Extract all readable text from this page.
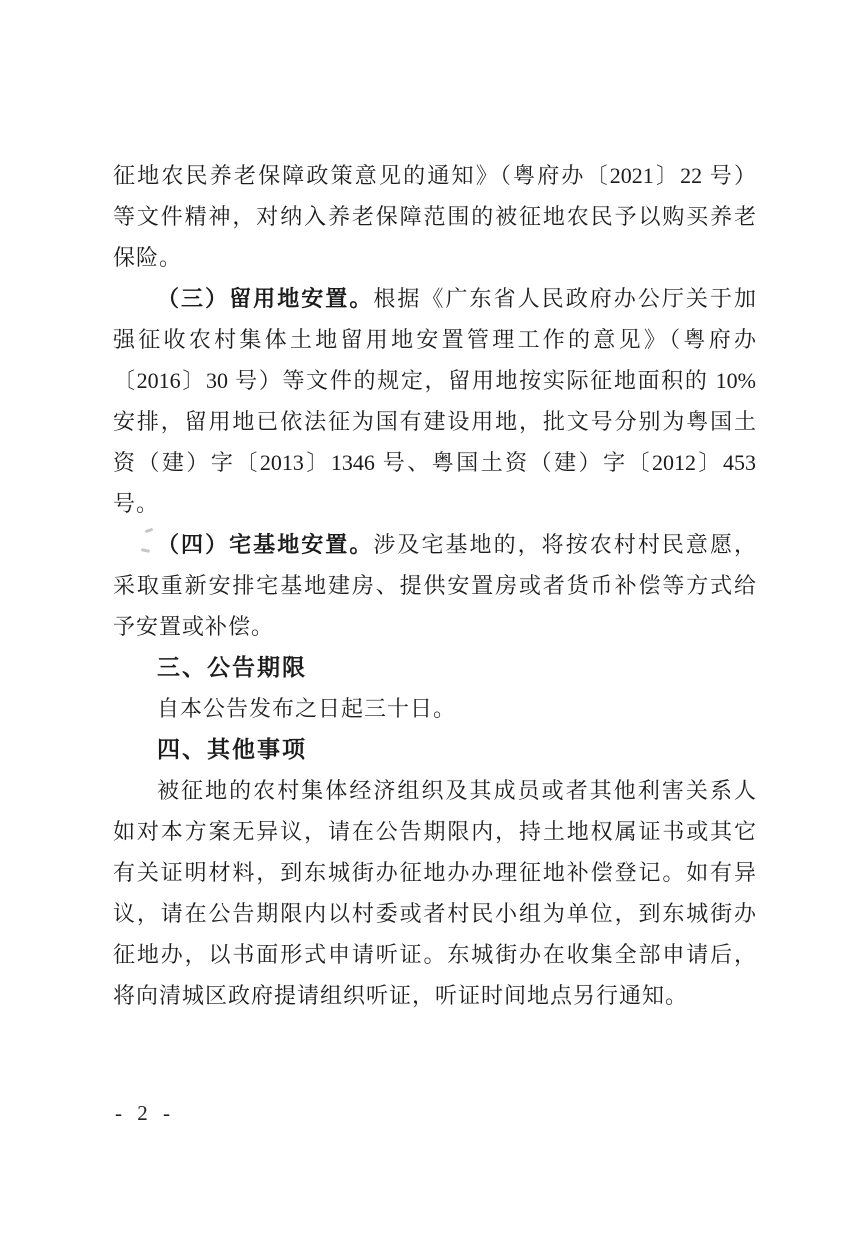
征地农民养老保障政策意见的通知》（粤府办〔2021〕22 号）
等文件精神，对纳入养老保障范围的被征地农民予以购买养老
保险。
（三）留用地安置。根据《广东省人民政府办公厅关于加
强征收农村集体土地留用地安置管理工作的意见》（粤府办
〔2016〕30 号）等文件的规定，留用地按实际征地面积的 10%
安排，留用地已依法征为国有建设用地，批文号分别为粤国土
资（建）字〔2013〕1346 号、粤国土资（建）字〔2012〕453
号。
（四）宅基地安置。涉及宅基地的，将按农村村民意愿，
采取重新安排宅基地建房、提供安置房或者货币补偿等方式给
予安置或补偿。
三、公告期限
自本公告发布之日起三十日。
四、其他事项
被征地的农村集体经济组织及其成员或者其他利害关系人
如对本方案无异议，请在公告期限内，持土地权属证书或其它
有关证明材料，到东城街办征地办办理征地补偿登记。如有异
议，请在公告期限内以村委或者村民小组为单位，到东城街办
征地办，以书面形式申请听证。东城街办在收集全部申请后，
将向清城区政府提请组织听证，听证时间地点另行通知。
- 2 -
